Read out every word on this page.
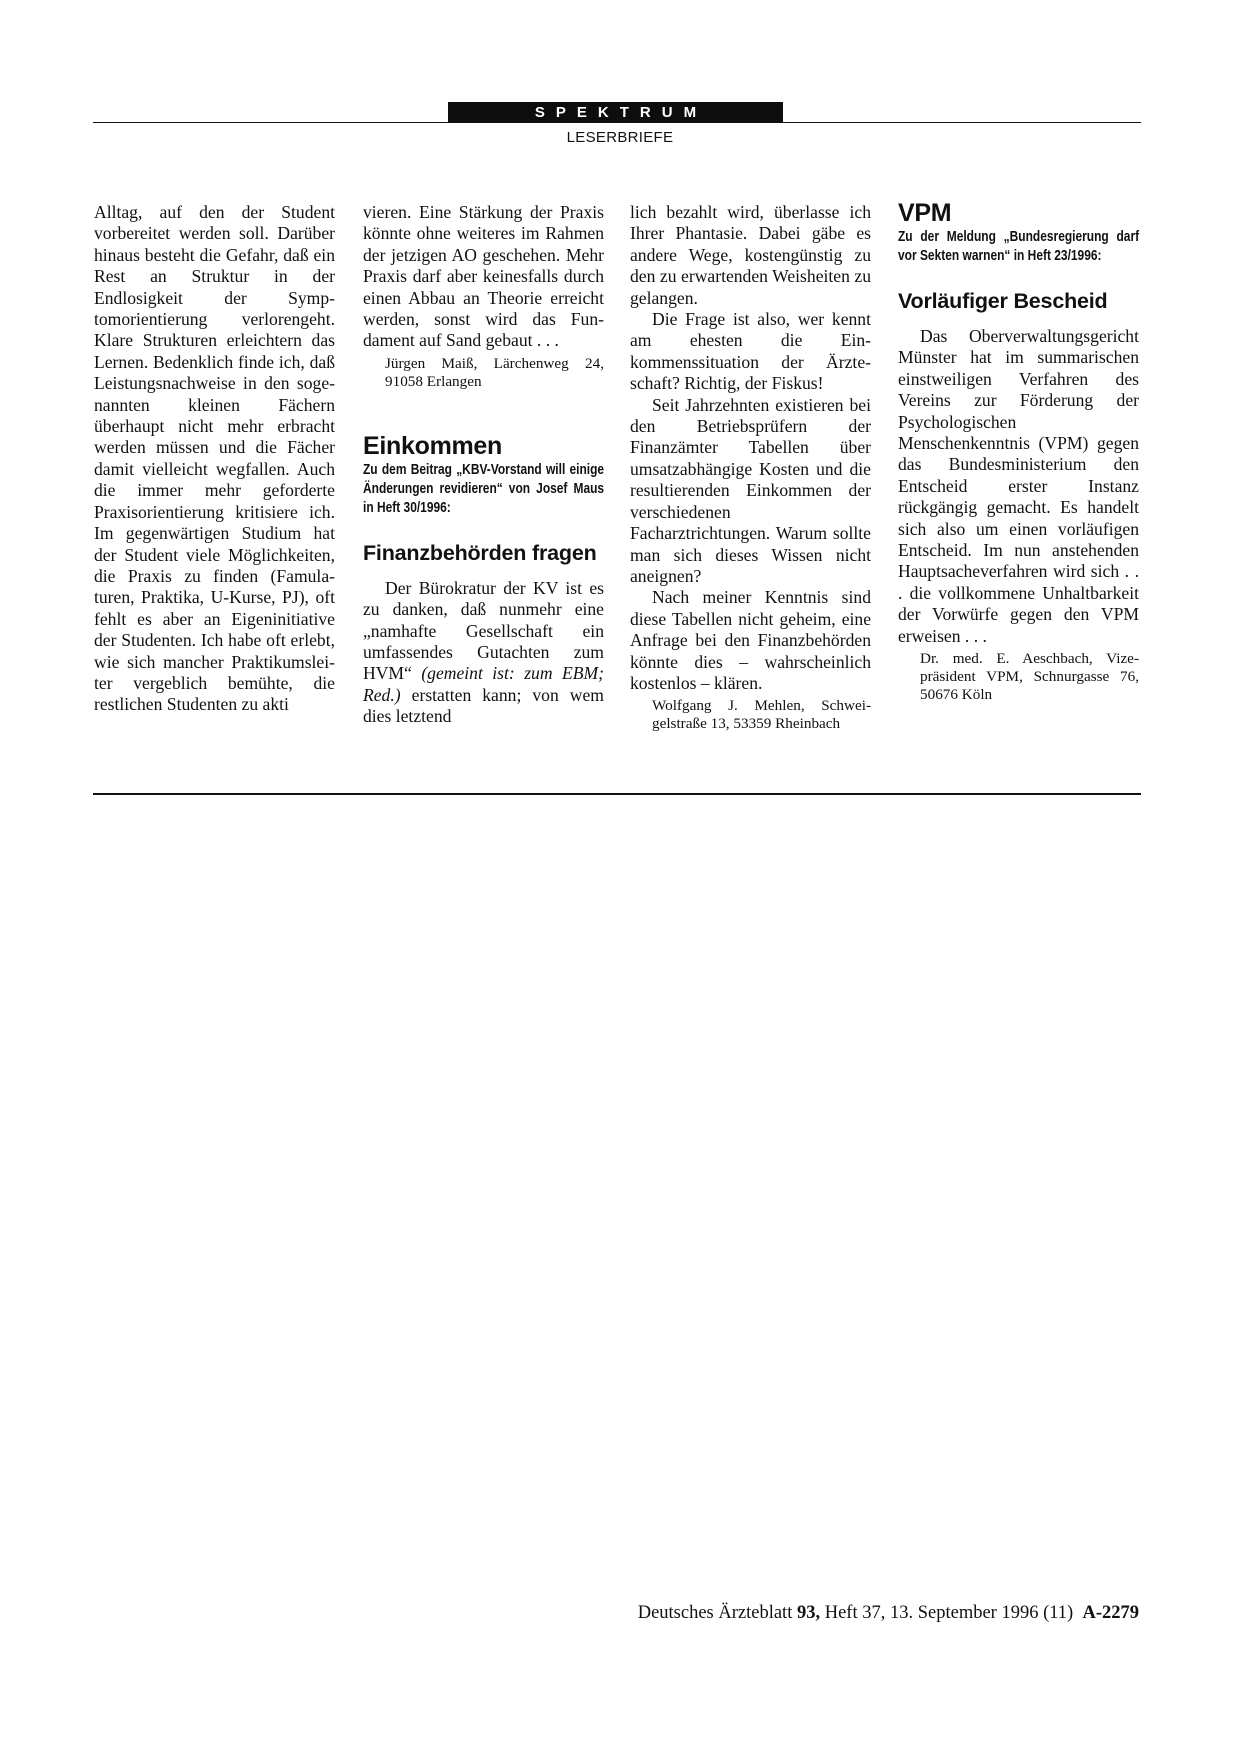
SPEKTRUM
LESERBRIEFE

Alltag, auf den der Student vorbereitet werden soll. Darüber hinaus besteht die Gefahr, daß ein Rest an Struktur in der Endlosigkeit der Symptomorientierung verlorengeht. Klare Strukturen erleichtern das Lernen. Bedenklich finde ich, daß Leistungsnachweise in den sogenannten kleinen Fächern überhaupt nicht mehr erbracht werden müssen und die Fächer damit vielleicht wegfallen. Auch die immer mehr geforderte Praxisorientierung kritisiere ich. Im gegenwärtigen Studium hat der Student viele Möglichkeiten, die Praxis zu finden (Famulaturen, Praktika, U-Kurse, PJ), oft fehlt es aber an Eigeninitiative der Studenten. Ich habe oft erlebt, wie sich mancher Praktikumsleiter vergeblich bemühte, die restlichen Studenten zu akti

vieren. Eine Stärkung der Praxis könnte ohne weiteres im Rahmen der jetzigen AO geschehen. Mehr Praxis darf aber keinesfalls durch einen Abbau an Theorie erreicht werden, sonst wird das Fundament auf Sand gebaut . . .

Jürgen Maiß, Lärchenweg 24, 91058 Erlangen

Einkommen

Zu dem Beitrag „KBV-Vorstand will einige Änderungen revidieren“ von Josef Maus in Heft 30/1996:

Finanzbehörden fragen

Der Bürokratur der KV ist es zu danken, daß nunmehr eine „namhafte Gesellschaft ein umfassendes Gutachten zum HVM“ (gemeint ist: zum EBM; Red.) erstatten kann; von wem dies letztend

lich bezahlt wird, überlasse ich Ihrer Phantasie. Dabei gäbe es andere Wege, kostengünstig zu den zu erwartenden Weisheiten zu gelangen.

Die Frage ist also, wer kennt am ehesten die Einkommenssituation der Ärzteschaft? Richtig, der Fiskus!

Seit Jahrzehnten existieren bei den Betriebsprüfern der Finanzämter Tabellen über umsatzabhängige Kosten und die resultierenden Einkommen der verschiedenen Facharztrichtungen. Warum sollte man sich dieses Wissen nicht aneignen?

Nach meiner Kenntnis sind diese Tabellen nicht geheim, eine Anfrage bei den Finanzbehörden könnte dies – wahrscheinlich kostenlos – klären.

Wolfgang J. Mehlen, Schweigelstraße 13, 53359 Rheinbach

VPM

Zu der Meldung „Bundesregierung darf vor Sekten warnen“ in Heft 23/1996:

Vorläufiger Bescheid

Das Oberverwaltungsgericht Münster hat im summarischen einstweiligen Verfahren des Vereins zur Förderung der Psychologischen Menschenkenntnis (VPM) gegen das Bundesministerium den Entscheid erster Instanz rückgängig gemacht. Es handelt sich also um einen vorläufigen Entscheid. Im nun anstehenden Hauptsacheverfahren wird sich . . . die vollkommene Unhaltbarkeit der Vorwürfe gegen den VPM erweisen . . .

Dr. med. E. Aeschbach, Vizepräsident VPM, Schnurgasse 76, 50676 Köln

Deutsches Ärzteblatt 93, Heft 37, 13. September 1996 (11)  A-2279
